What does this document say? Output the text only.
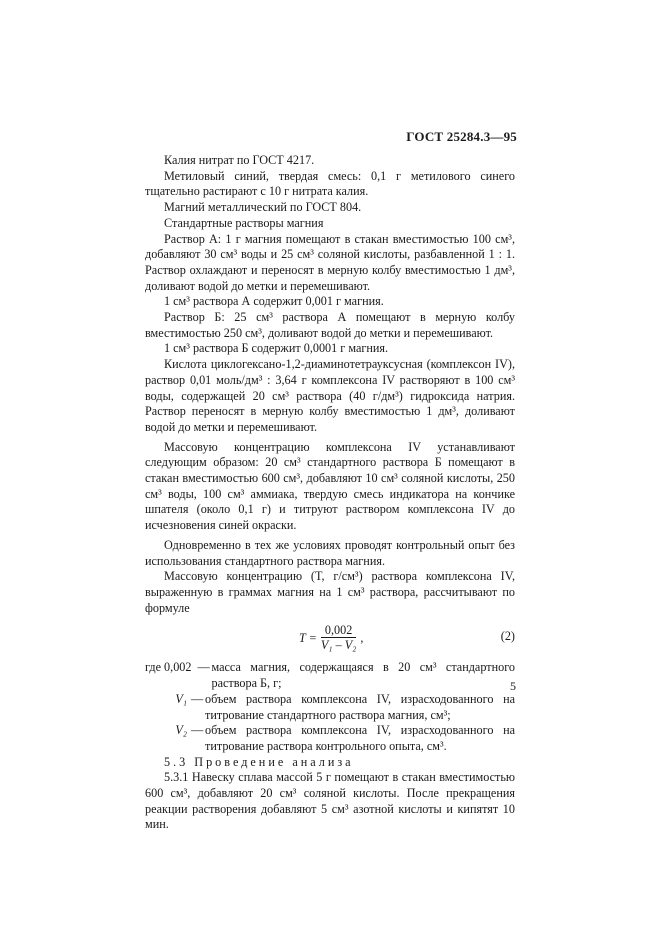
ГОСТ 25284.3—95

Калия нитрат по ГОСТ 4217.

Метиловый синий, твердая смесь: 0,1 г метилового синего тщательно растирают с 10 г нитрата калия.

Магний металлический по ГОСТ 804.

Стандартные растворы магния

Раствор А: 1 г магния помещают в стакан вместимостью 100 см³, добавляют 30 см³ воды и 25 см³ соляной кислоты, разбавленной 1 : 1. Раствор охлаждают и переносят в мерную колбу вместимостью 1 дм³, доливают водой до метки и перемешивают.

1 см³ раствора А содержит 0,001 г магния.

Раствор Б: 25 см³ раствора А помещают в мерную колбу вместимостью 250 см³, доливают водой до метки и перемешивают.

1 см³ раствора Б содержит 0,0001 г магния.

Кислота циклогексано-1,2-диаминотетрауксусная (комплексон IV), раствор 0,01 моль/дм³ : 3,64 г комплексона IV растворяют в 100 см³ воды, содержащей 20 см³ раствора (40 г/дм³) гидроксида натрия. Раствор переносят в мерную колбу вместимостью 1 дм³, доливают водой до метки и перемешивают.

Массовую концентрацию комплексона IV устанавливают следующим образом: 20 см³ стандартного раствора Б помещают в стакан вместимостью 600 см³, добавляют 10 см³ соляной кислоты, 250 см³ воды, 100 см³ аммиака, твердую смесь индикатора на кончике шпателя (около 0,1 г) и титруют раствором комплексона IV до исчезновения синей окраски.

Одновременно в тех же условиях проводят контрольный опыт без использования стандартного раствора магния.

Массовую концентрацию (T, г/см³) раствора комплексона IV, выраженную в граммах магния на 1 см³ раствора, рассчитывают по формуле

$T = \frac{0,002}{\text{V₁ – V₂}}$ ,	(2)
где 0,002 — масса магния, содержащаяся в 20 см³ стандартного раствора Б, г;
V₁ — объем раствора комплексона IV, израсходованного на титрование стандартного раствора магния, см³;
V₂ — объем раствора комплексона IV, израсходованного на титрование раствора контрольного опыта, см³.

5.3 Проведение анализа

5.3.1 Навеску сплава массой 5 г помещают в стакан вместимостью 600 см³, добавляют 20 см³ соляной кислоты. После прекращения реакции растворения добавляют 5 см³ азотной кислоты и кипятят 10 мин.

5
